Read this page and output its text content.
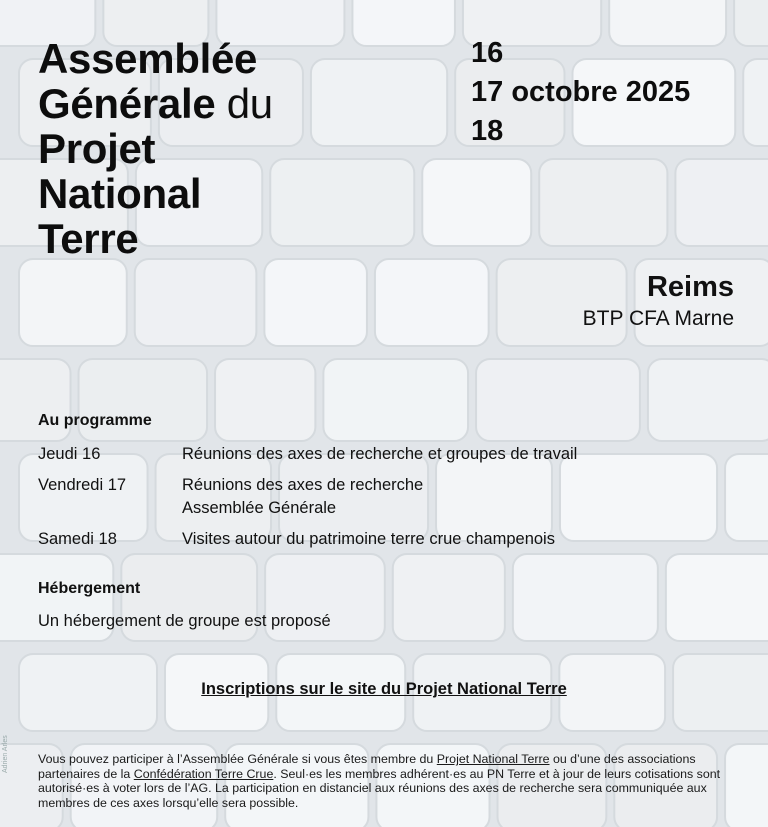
Assemblée
Générale du
Projet
National
Terre
16
17 octobre 2025
18
Reims
BTP CFA Marne
Au programme
Jeudi 16	Réunions des axes de recherche et groupes de travail
Vendredi 17	Réunions des axes de recherche
Assemblée Générale
Samedi 18	Visites autour du patrimoine terre crue champenois
Hébergement
Un hébergement de groupe est proposé
Inscriptions sur le site du Projet National Terre
Vous pouvez participer à l’Assemblée Générale si vous êtes membre du Projet National Terre ou d’une des associations partenaires de la Confédération Terre Crue. Seul·es les membres adhérent·es au PN Terre et à jour de leurs cotisations sont autorisé·es à voter lors de l’AG. La participation en distanciel aux réunions des axes de recherche sera communiquée aux membres de ces axes lorsqu’elle sera possible.
Adrien Arles
